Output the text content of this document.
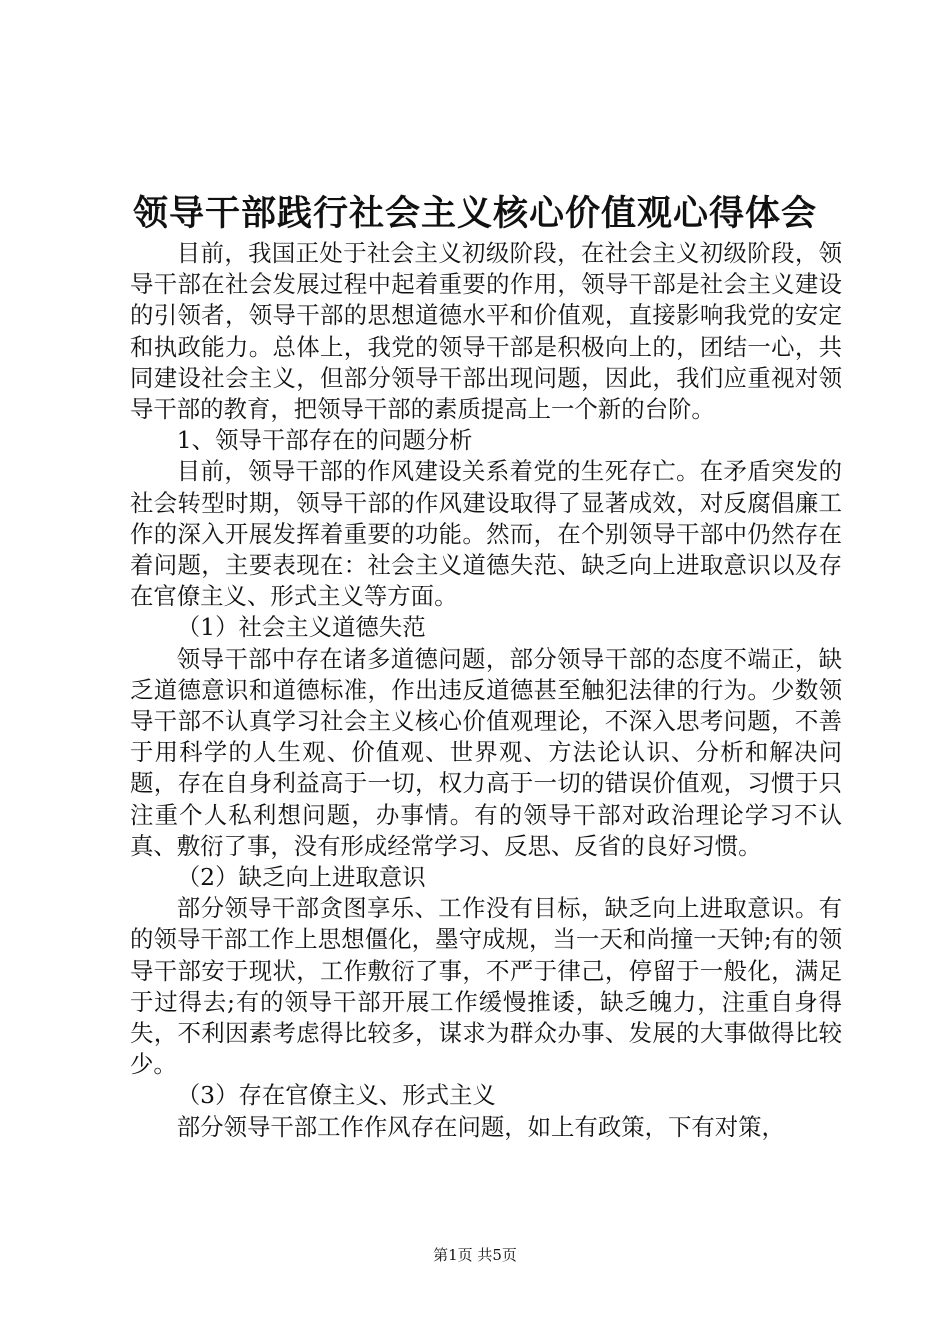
领导干部践行社会主义核心价值观心得体会

目前，我国正处于社会主义初级阶段，在社会主义初级阶段，领导干部在社会发展过程中起着重要的作用，领导干部是社会主义建设的引领者，领导干部的思想道德水平和价值观，直接影响我党的安定和执政能力。总体上，我党的领导干部是积极向上的，团结一心，共同建设社会主义，但部分领导干部出现问题，因此，我们应重视对领导干部的教育，把领导干部的素质提高上一个新的台阶。

1、领导干部存在的问题分析

目前，领导干部的作风建设关系着党的生死存亡。在矛盾突发的社会转型时期，领导干部的作风建设取得了显著成效，对反腐倡廉工作的深入开展发挥着重要的功能。然而，在个别领导干部中仍然存在着问题，主要表现在：社会主义道德失范、缺乏向上进取意识以及存在官僚主义、形式主义等方面。

（1）社会主义道德失范

领导干部中存在诸多道德问题，部分领导干部的态度不端正，缺乏道德意识和道德标准，作出违反道德甚至触犯法律的行为。少数领导干部不认真学习社会主义核心价值观理论，不深入思考问题，不善于用科学的人生观、价值观、世界观、方法论认识、分析和解决问题，存在自身利益高于一切，权力高于一切的错误价值观，习惯于只注重个人私利想问题，办事情。有的领导干部对政治理论学习不认真、敷衍了事，没有形成经常学习、反思、反省的良好习惯。

（2）缺乏向上进取意识

部分领导干部贪图享乐、工作没有目标，缺乏向上进取意识。有的领导干部工作上思想僵化，墨守成规，当一天和尚撞一天钟;有的领导干部安于现状，工作敷衍了事，不严于律己，停留于一般化，满足于过得去;有的领导干部开展工作缓慢推诿，缺乏魄力，注重自身得失，不利因素考虑得比较多，谋求为群众办事、发展的大事做得比较少。

（3）存在官僚主义、形式主义

部分领导干部工作作风存在问题，如上有政策，下有对策，

第1页 共5页
